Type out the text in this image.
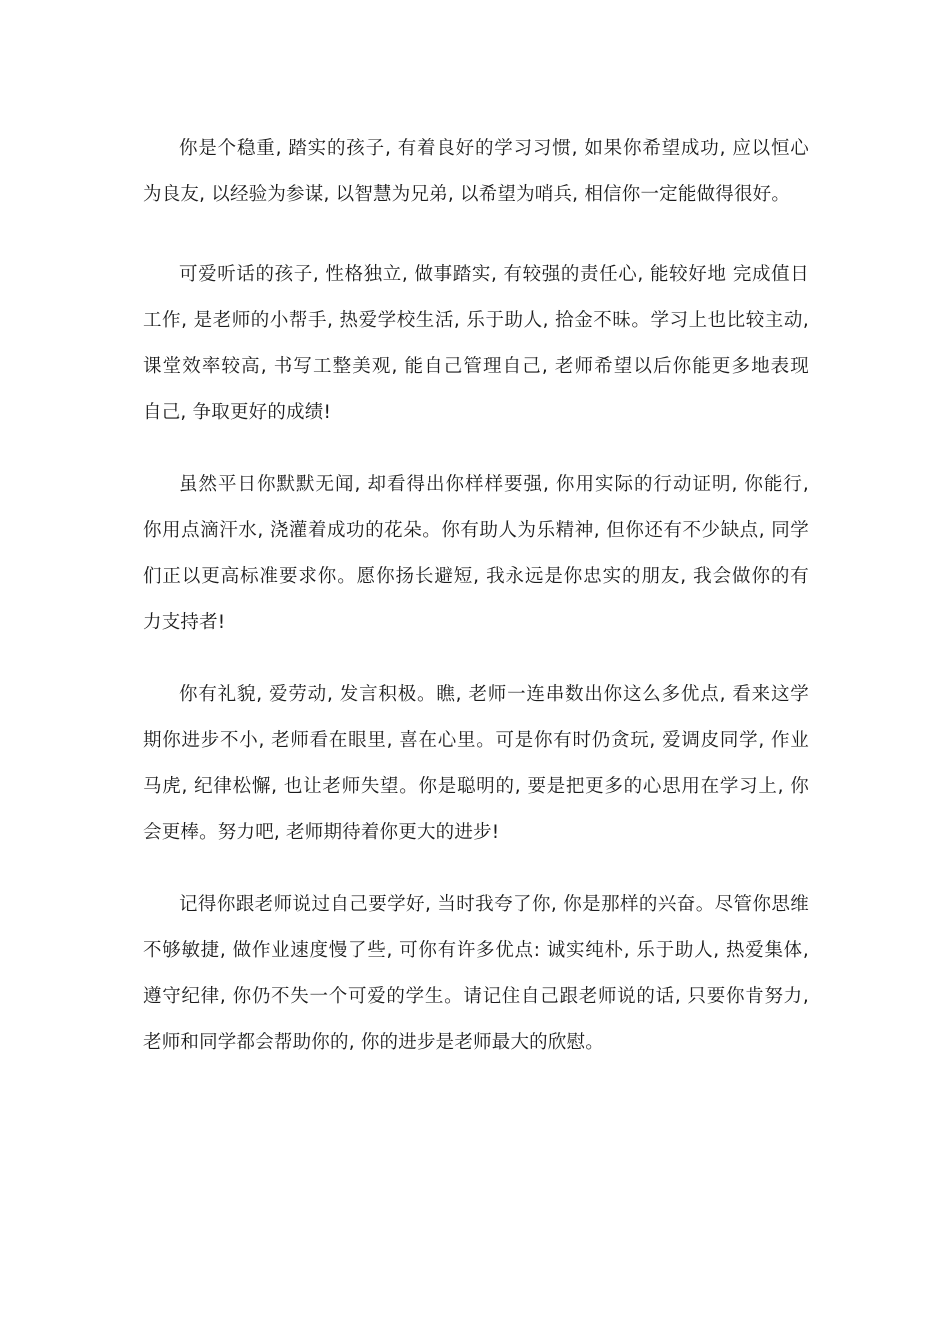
你是个稳重, 踏实的孩子, 有着良好的学习习惯, 如果你希望成功, 应以恒心
为良友, 以经验为参谋, 以智慧为兄弟, 以希望为哨兵, 相信你一定能做得很好。
可爱听话的孩子, 性格独立, 做事踏实, 有较强的责任心, 能较好地 完成值日
工作, 是老师的小帮手, 热爱学校生活, 乐于助人, 拾金不昧。学习上也比较主动,
课堂效率较高, 书写工整美观, 能自己管理自己, 老师希望以后你能更多地表现
自己, 争取更好的成绩!
虽然平日你默默无闻, 却看得出你样样要强, 你用实际的行动证明, 你能行,
你用点滴汗水, 浇灌着成功的花朵。你有助人为乐精神, 但你还有不少缺点, 同学
们正以更高标准要求你。愿你扬长避短, 我永远是你忠实的朋友, 我会做你的有
力支持者!
你有礼貌, 爱劳动, 发言积极。瞧, 老师一连串数出你这么多优点, 看来这学
期你进步不小, 老师看在眼里, 喜在心里。可是你有时仍贪玩, 爱调皮同学, 作业
马虎, 纪律松懈, 也让老师失望。你是聪明的, 要是把更多的心思用在学习上, 你
会更棒。努力吧, 老师期待着你更大的进步!
记得你跟老师说过自己要学好, 当时我夸了你, 你是那样的兴奋。尽管你思维
不够敏捷, 做作业速度慢了些, 可你有许多优点: 诚实纯朴, 乐于助人, 热爱集体,
遵守纪律, 你仍不失一个可爱的学生。请记住自己跟老师说的话, 只要你肯努力,
老师和同学都会帮助你的, 你的进步是老师最大的欣慰。
